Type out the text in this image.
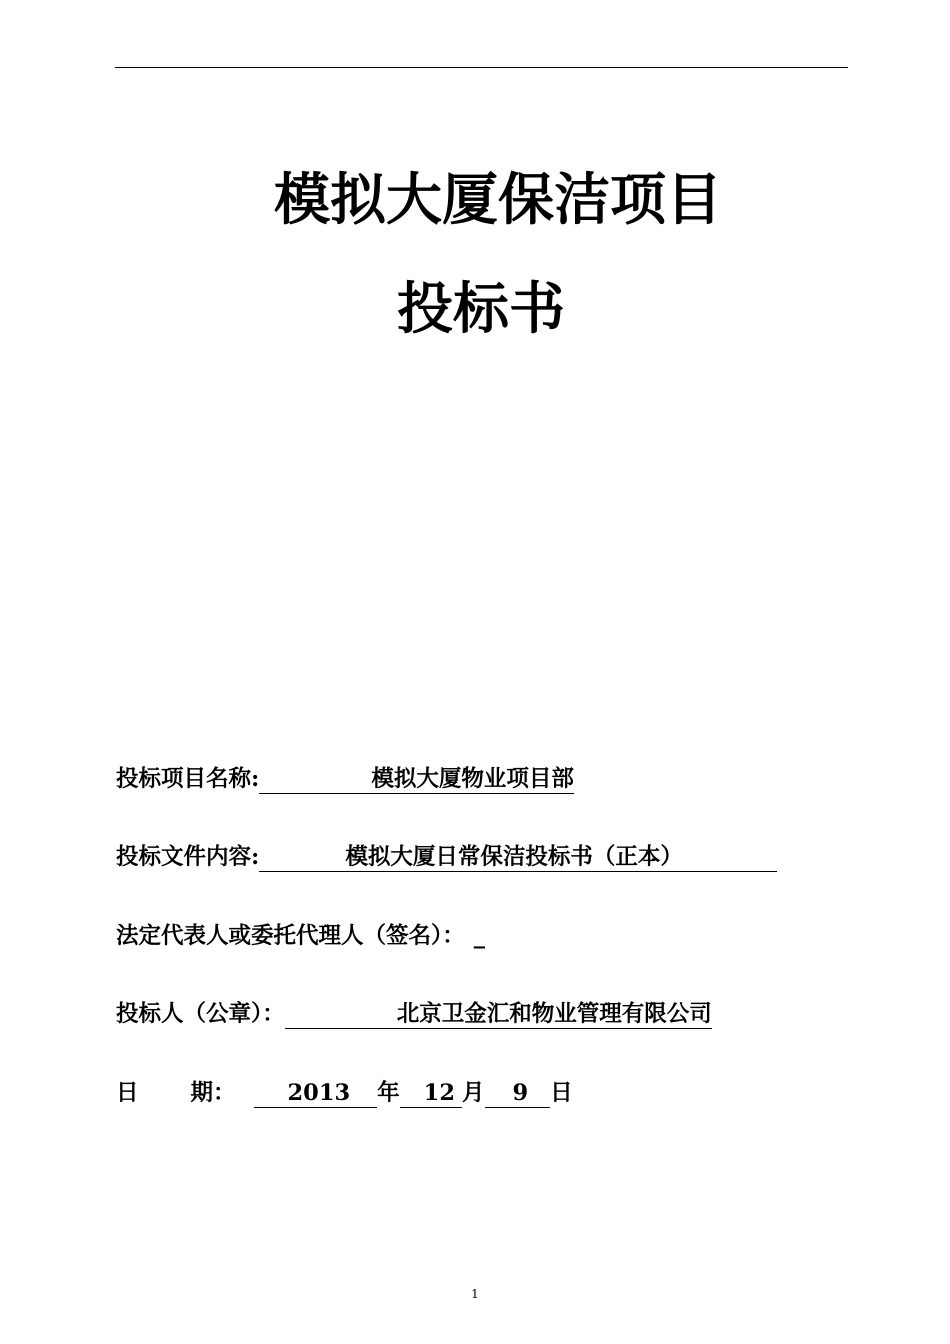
模拟大厦保洁项目
投标书
投标项目名称:	模拟大厦物业项目部
投标文件内容:	模拟大厦日常保洁投标书（正本）
法定代表人或委托代理人（签名）： _
投标人（公章）：	北京卫金汇和物业管理有限公司
日 期： 2013 年 12 月 9 日
1
